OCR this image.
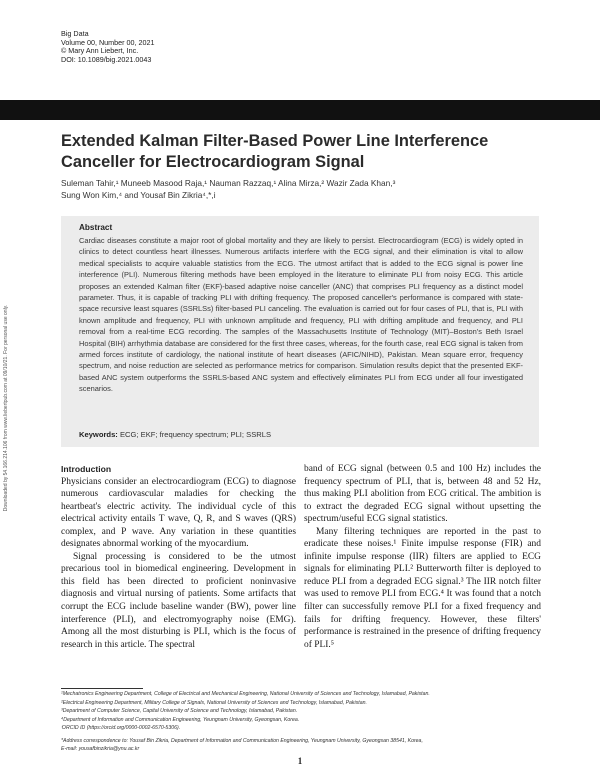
Big Data
Volume 00, Number 00, 2021
© Mary Ann Liebert, Inc.
DOI: 10.1089/big.2021.0043
Downloaded by 54.166.214.106 from www.liebertpub.com at 09/10/21. For personal use only.
Extended Kalman Filter-Based Power Line Interference
Canceller for Electrocardiogram Signal
Suleman Tahir,¹ Muneeb Masood Raja,¹ Nauman Razzaq,¹ Alina Mirza,² Wazir Zada Khan,³
Sung Won Kim,⁴ and Yousaf Bin Zikria⁴,*,i
Abstract
Cardiac diseases constitute a major root of global mortality and they are likely to persist. Electrocardiogram (ECG) is widely opted in clinics to detect countless heart illnesses. Numerous artifacts interfere with the ECG signal, and their elimination is vital to allow medical specialists to acquire valuable statistics from the ECG. The utmost artifact that is added to the ECG signal is power line interference (PLI). Numerous filtering methods have been employed in the literature to eliminate PLI from noisy ECG. This article proposes an extended Kalman filter (EKF)-based adaptive noise canceller (ANC) that comprises PLI frequency as a distinct model parameter. Thus, it is capable of tracking PLI with drifting frequency. The proposed canceller's performance is compared with state-space recursive least squares (SSRLSs) filter-based PLI canceling. The evaluation is carried out for four cases of PLI, that is, PLI with known amplitude and frequency, PLI with unknown amplitude and frequency, PLI with drifting amplitude and frequency, and PLI removal from a real-time ECG recording. The samples of the Massachusetts Institute of Technology (MIT)–Boston's Beth Israel Hospital (BIH) arrhythmia database are considered for the first three cases, whereas, for the fourth case, real ECG signal is taken from armed forces institute of cardiology, the national institute of heart diseases (AFIC/NIHD), Pakistan. Mean square error, frequency spectrum, and noise reduction are selected as performance metrics for comparison. Simulation results depict that the presented EKF-based ANC system outperforms the SSRLS-based ANC system and effectively eliminates PLI from ECG under all four investigated scenarios.
Keywords: ECG; EKF; frequency spectrum; PLI; SSRLS
Introduction

Physicians consider an electrocardiogram (ECG) to diagnose numerous cardiovascular maladies for checking the heartbeat's electric activity. The individual cycle of this electrical activity entails T wave, Q, R, and S waves (QRS) complex, and P wave. Any variation in these quantities designates abnormal working of the myocardium.

Signal processing is considered to be the utmost precarious tool in biomedical engineering. Development in this field has been directed to proficient noninvasive diagnosis and virtual nursing of patients. Some artifacts that corrupt the ECG include baseline wander (BW), power line interference (PLI), and electromyography noise (EMG). Among all the most disturbing is PLI, which is the focus of research in this article. The spectral

band of ECG signal (between 0.5 and 100 Hz) includes the frequency spectrum of PLI, that is, between 48 and 52 Hz, thus making PLI abolition from ECG critical. The ambition is to extract the degraded ECG signal without upsetting the spectrum/useful ECG signal statistics.

Many filtering techniques are reported in the past to eradicate these noises.¹ Finite impulse response (FIR) and infinite impulse response (IIR) filters are applied to ECG signals for eliminating PLI.² Butterworth filter is deployed to reduce PLI from a degraded ECG signal.³ The IIR notch filter was used to remove PLI from ECG.⁴ It was found that a notch filter can successfully remove PLI for a fixed frequency and fails for drifting frequency. However, these filters' performance is restrained in the presence of drifting frequency of PLI.⁵

¹Mechatronics Engineering Department, College of Electrical and Mechanical Engineering, National University of Sciences and Technology, Islamabad, Pakistan.
²Electrical Engineering Department, Military College of Signals, National University of Sciences and Technology, Islamabad, Pakistan.
³Department of Computer Science, Capital University of Science and Technology, Islamabad, Pakistan.
⁴Department of Information and Communication Engineering, Yeungnam University, Gyeongsan, Korea.
ⁱORCID ID (https://orcid.org/0000-0002-6570-5306).
*Address correspondence to: Yousaf Bin Zikria, Department of Information and Communication Engineering, Yeungnam University, Gyeongsan 38541, Korea,
E-mail: yousafbinzikria@ynu.ac.kr
1
